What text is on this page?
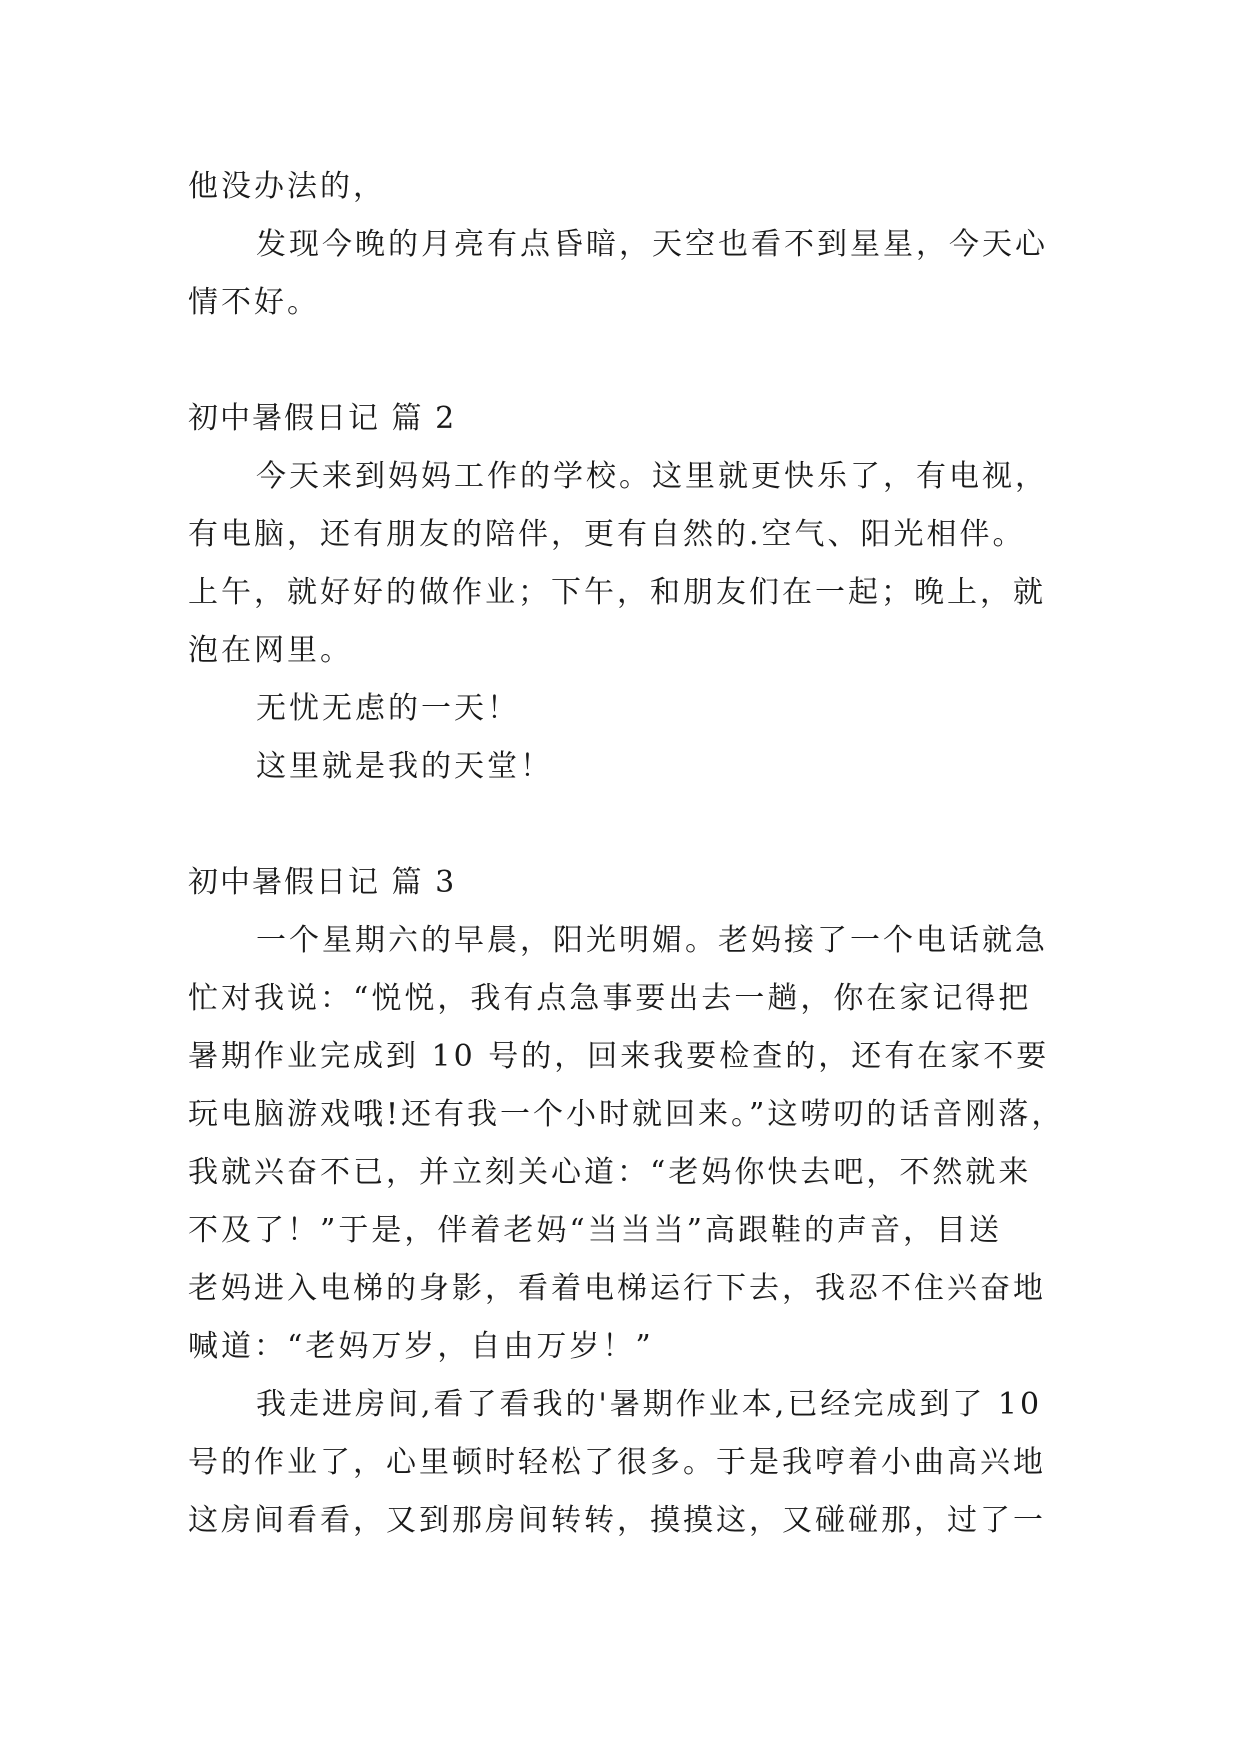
他没办法的，
发现今晚的月亮有点昏暗，天空也看不到星星，今天心
情不好。
初中暑假日记 篇 2
今天来到妈妈工作的学校。这里就更快乐了，有电视，
有电脑，还有朋友的陪伴，更有自然的.空气、阳光相伴。
上午，就好好的做作业；下午，和朋友们在一起；晚上，就
泡在网里。
无忧无虑的一天！
这里就是我的天堂！
初中暑假日记 篇 3
一个星期六的早晨，阳光明媚。老妈接了一个电话就急
忙对我说：“悦悦，我有点急事要出去一趟，你在家记得把
暑期作业完成到 10 号的，回来我要检查的，还有在家不要
玩电脑游戏哦!还有我一个小时就回来。”这唠叨的话音刚落，
我就兴奋不已，并立刻关心道：“老妈你快去吧，不然就来
不及了！”于是，伴着老妈“当当当”高跟鞋的声音，目送
老妈进入电梯的身影，看着电梯运行下去，我忍不住兴奋地
喊道：“老妈万岁，自由万岁！”
我走进房间,看了看我的'暑期作业本,已经完成到了 10
号的作业了，心里顿时轻松了很多。于是我哼着小曲高兴地
这房间看看，又到那房间转转，摸摸这，又碰碰那，过了一
